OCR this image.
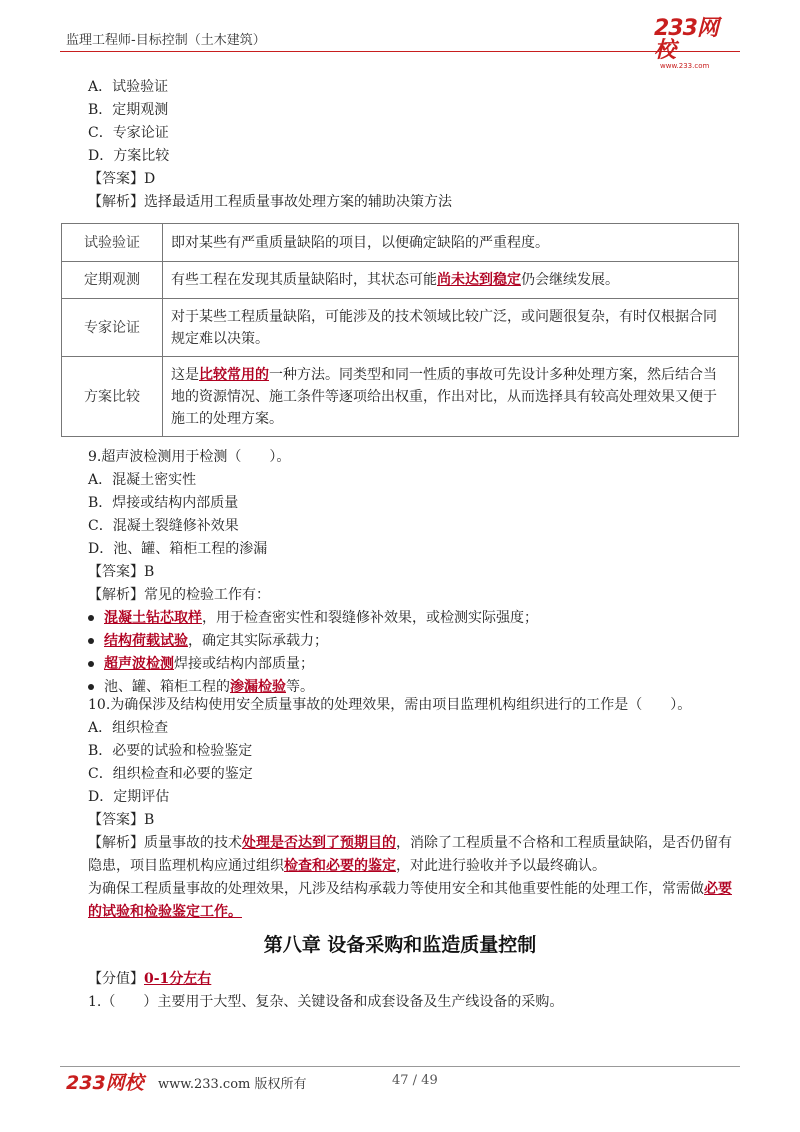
监理工程师-目标控制（土木建筑）	233网校
www.233.com
A．试验验证
B．定期观测
C．专家论证
D．方案比较
【答案】D
【解析】选择最适用工程质量事故处理方案的辅助决策方法
试验验证	即对某些有严重质量缺陷的项目，以便确定缺陷的严重程度。
定期观测	有些工程在发现其质量缺陷时，其状态可能尚未达到稳定仍会继续发展。
专家论证	对于某些工程质量缺陷，可能涉及的技术领域比较广泛，或问题很复杂，有时仅根据合同规定难以决策。
方案比较	这是比较常用的一种方法。同类型和同一性质的事故可先设计多种处理方案，然后结合当地的资源情况、施工条件等逐项给出权重，作出对比，从而选择具有较高处理效果又便于施工的处理方案。
9.超声波检测用于检测（　　）。
A．混凝土密实性
B．焊接或结构内部质量
C．混凝土裂缝修补效果
D．池、罐、箱柜工程的渗漏
【答案】B
【解析】常见的检验工作有：
混凝土钻芯取样，用于检查密实性和裂缝修补效果，或检测实际强度；
结构荷载试验，确定其实际承载力；
超声波检测焊接或结构内部质量；
池、罐、箱柜工程的渗漏检验等。
10.为确保涉及结构使用安全质量事故的处理效果，需由项目监理机构组织进行的工作是（　　）。
A．组织检查
B．必要的试验和检验鉴定
C．组织检查和必要的鉴定
D．定期评估
【答案】B
【解析】质量事故的技术处理是否达到了预期目的，消除了工程质量不合格和工程质量缺陷，是否仍留有隐患，项目监理机构应通过组织检查和必要的鉴定，对此进行验收并予以最终确认。
为确保工程质量事故的处理效果，凡涉及结构承载力等使用安全和其他重要性能的处理工作，常需做必要的试验和检验鉴定工作。
第八章 设备采购和监造质量控制
【分值】0-1分左右
1.（　　）主要用于大型、复杂、关键设备和成套设备及生产线设备的采购。
233网校 www.233.com 版权所有	47 / 49
